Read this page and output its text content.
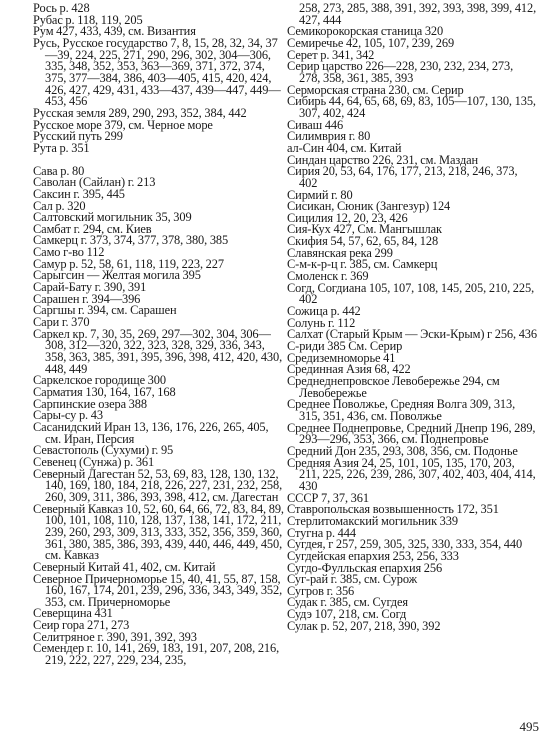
Рось р. 428

Рубас р. 118, 119, 205

Рум 427, 433, 439, см. Византия

Русь, Русское государство 7, 8, 15, 28, 32, 34, 37—39, 224, 225, 271, 290, 296, 302, 304—306, 335, 348, 352, 353, 363—369, 371, 372, 374, 375, 377—384, 386, 403—405, 415, 420, 424, 426, 427, 429, 431, 433—437, 439—447, 449—453, 456

Русская земля 289, 290, 293, 352, 384, 442

Русское море 379, см. Черное море

Русский путь 299

Рута р. 351

Сава р. 80

Саволан (Сайлан) г. 213

Саксин г. 395, 445

Сал р. 320

Салтовский могильник 35, 309

Самбат г. 294, см. Киев

Самкерц г. 373, 374, 377, 378, 380, 385

Само г-во 112

Самур р. 52, 58, 61, 118, 119, 223, 227

Сарыгсин — Желтая могила 395

Сарай-Бату г. 390, 391

Сарашен г. 394—396

Саргшы г. 394, см. Сарашен

Сари г. 370

Саркел кр. 7, 30, 35, 269, 297—302, 304, 306—308, 312—320, 322, 323, 328, 329, 336, 343, 358, 363, 385, 391, 395, 396, 398, 412, 420, 430, 448, 449

Саркелское городище 300

Сарматия 130, 164, 167, 168

Сарпинские озера 388

Сары-су р. 43

Сасанидский Иран 13, 136, 176, 226, 265, 405, см. Иран, Персия

Севастополь (Сухуми) г. 95

Севенец (Сунжа) р. 361

Северный Дагестан 52, 53, 69, 83, 128, 130, 132, 140, 169, 180, 184, 218, 226, 227, 231, 232, 258, 260, 309, 311, 386, 393, 398, 412, см. Дагестан

Северный Кавказ 10, 52, 60, 64, 66, 72, 83, 84, 89, 100, 101, 108, 110, 128, 137, 138, 141, 172, 211, 239, 260, 293, 309, 313, 333, 352, 356, 359, 360, 361, 380, 385, 386, 393, 439, 440, 446, 449, 450, см. Кавказ

Северный Китай 41, 402, см. Китай

Северное Причерноморье 15, 40, 41, 55, 87, 158, 160, 167, 174, 201, 239, 296, 336, 343, 349, 352, 353, см. Причерноморье

Северщина 431

Сеир гора 271, 273

Селитряное г. 390, 391, 392, 393

Семендер г. 10, 141, 269, 183, 191, 207, 208, 216, 219, 222, 227, 229, 234, 235,

258, 273, 285, 388, 391, 392, 393, 398, 399, 412, 427, 444

Семикорокорская станица 320

Семиречье 42, 105, 107, 239, 269

Серет р. 341, 342

Серир царство 226—228, 230, 232, 234, 273, 278, 358, 361, 385, 393

Серморская страна 230, см. Серир

Сибирь 44, 64, 65, 68, 69, 83, 105—107, 130, 135, 307, 402, 424

Сиваш 446

Силимврия г. 80

ал-Син 404, см. Китай

Синдан царство 226, 231, см. Маздан

Сирия 20, 53, 64, 176, 177, 213, 218, 246, 373, 402

Сирмий г. 80

Сисикан, Сюник (Зангезур) 124

Сицилия 12, 20, 23, 426

Сия-Кух 427, См. Мангышлак

Скифия 54, 57, 62, 65, 84, 128

Славянская река 299

С-м-к-р-ц г. 385, см. Самкерц

Смоленск г. 369

Согд, Согдиана 105, 107, 108, 145, 205, 210, 225, 402

Сожица р. 442

Солунь г. 112

Салхат (Старый Крым — Эски-Крым) г 256, 436

С-риди 385 См. Серир

Средиземноморье 41

Срединная Азия 68, 422

Среднеднепровское Левобережье 294, см Левобережье

Среднее Поволжье, Средняя Волга 309, 313, 315, 351, 436, см. Поволжье

Среднее Поднепровье, Средний Днепр 196, 289, 293—296, 353, 366, см. Поднепровье

Средний Дон 235, 293, 308, 356, см. Подонье

Средняя Азия 24, 25, 101, 105, 135, 170, 203, 211, 225, 226, 239, 286, 307, 402, 403, 404, 414, 430

СССР 7, 37, 361

Ставропольская возвышенность 172, 351

Стерлитомакский могильник 339

Стугна р. 444

Сугдея, г 257, 259, 305, 325, 330, 333, 354, 440

Сугдейская епархия 253, 256, 333

Сугдо-Фулльская епархия 256

Суг-рай г. 385, см. Сурож

Сугров г. 356

Судак г. 385, см. Сугдея

Судэ 107, 218, см. Согд

Сулак р. 52, 207, 218, 390, 392

495
